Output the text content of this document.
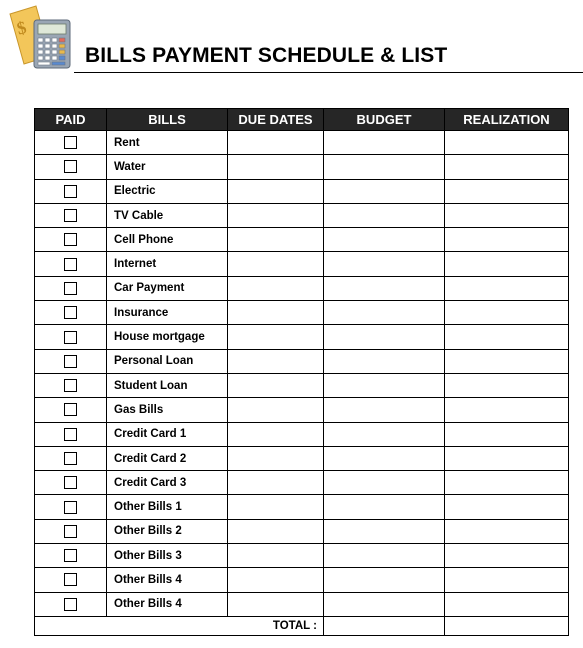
$
BILLS PAYMENT SCHEDULE & LIST
PAID	BILLS	DUE DATES	BUDGET	REALIZATION
	Rent			
	Water			
	Electric			
	TV Cable			
	Cell Phone			
	Internet			
	Car Payment			
	Insurance			
	House mortgage			
	Personal Loan			
	Student Loan			
	Gas Bills			
	Credit Card 1			
	Credit Card 2			
	Credit Card 3			
	Other Bills 1			
	Other Bills 2			
	Other Bills 3			
	Other Bills 4			
	Other Bills 4			
TOTAL :				
